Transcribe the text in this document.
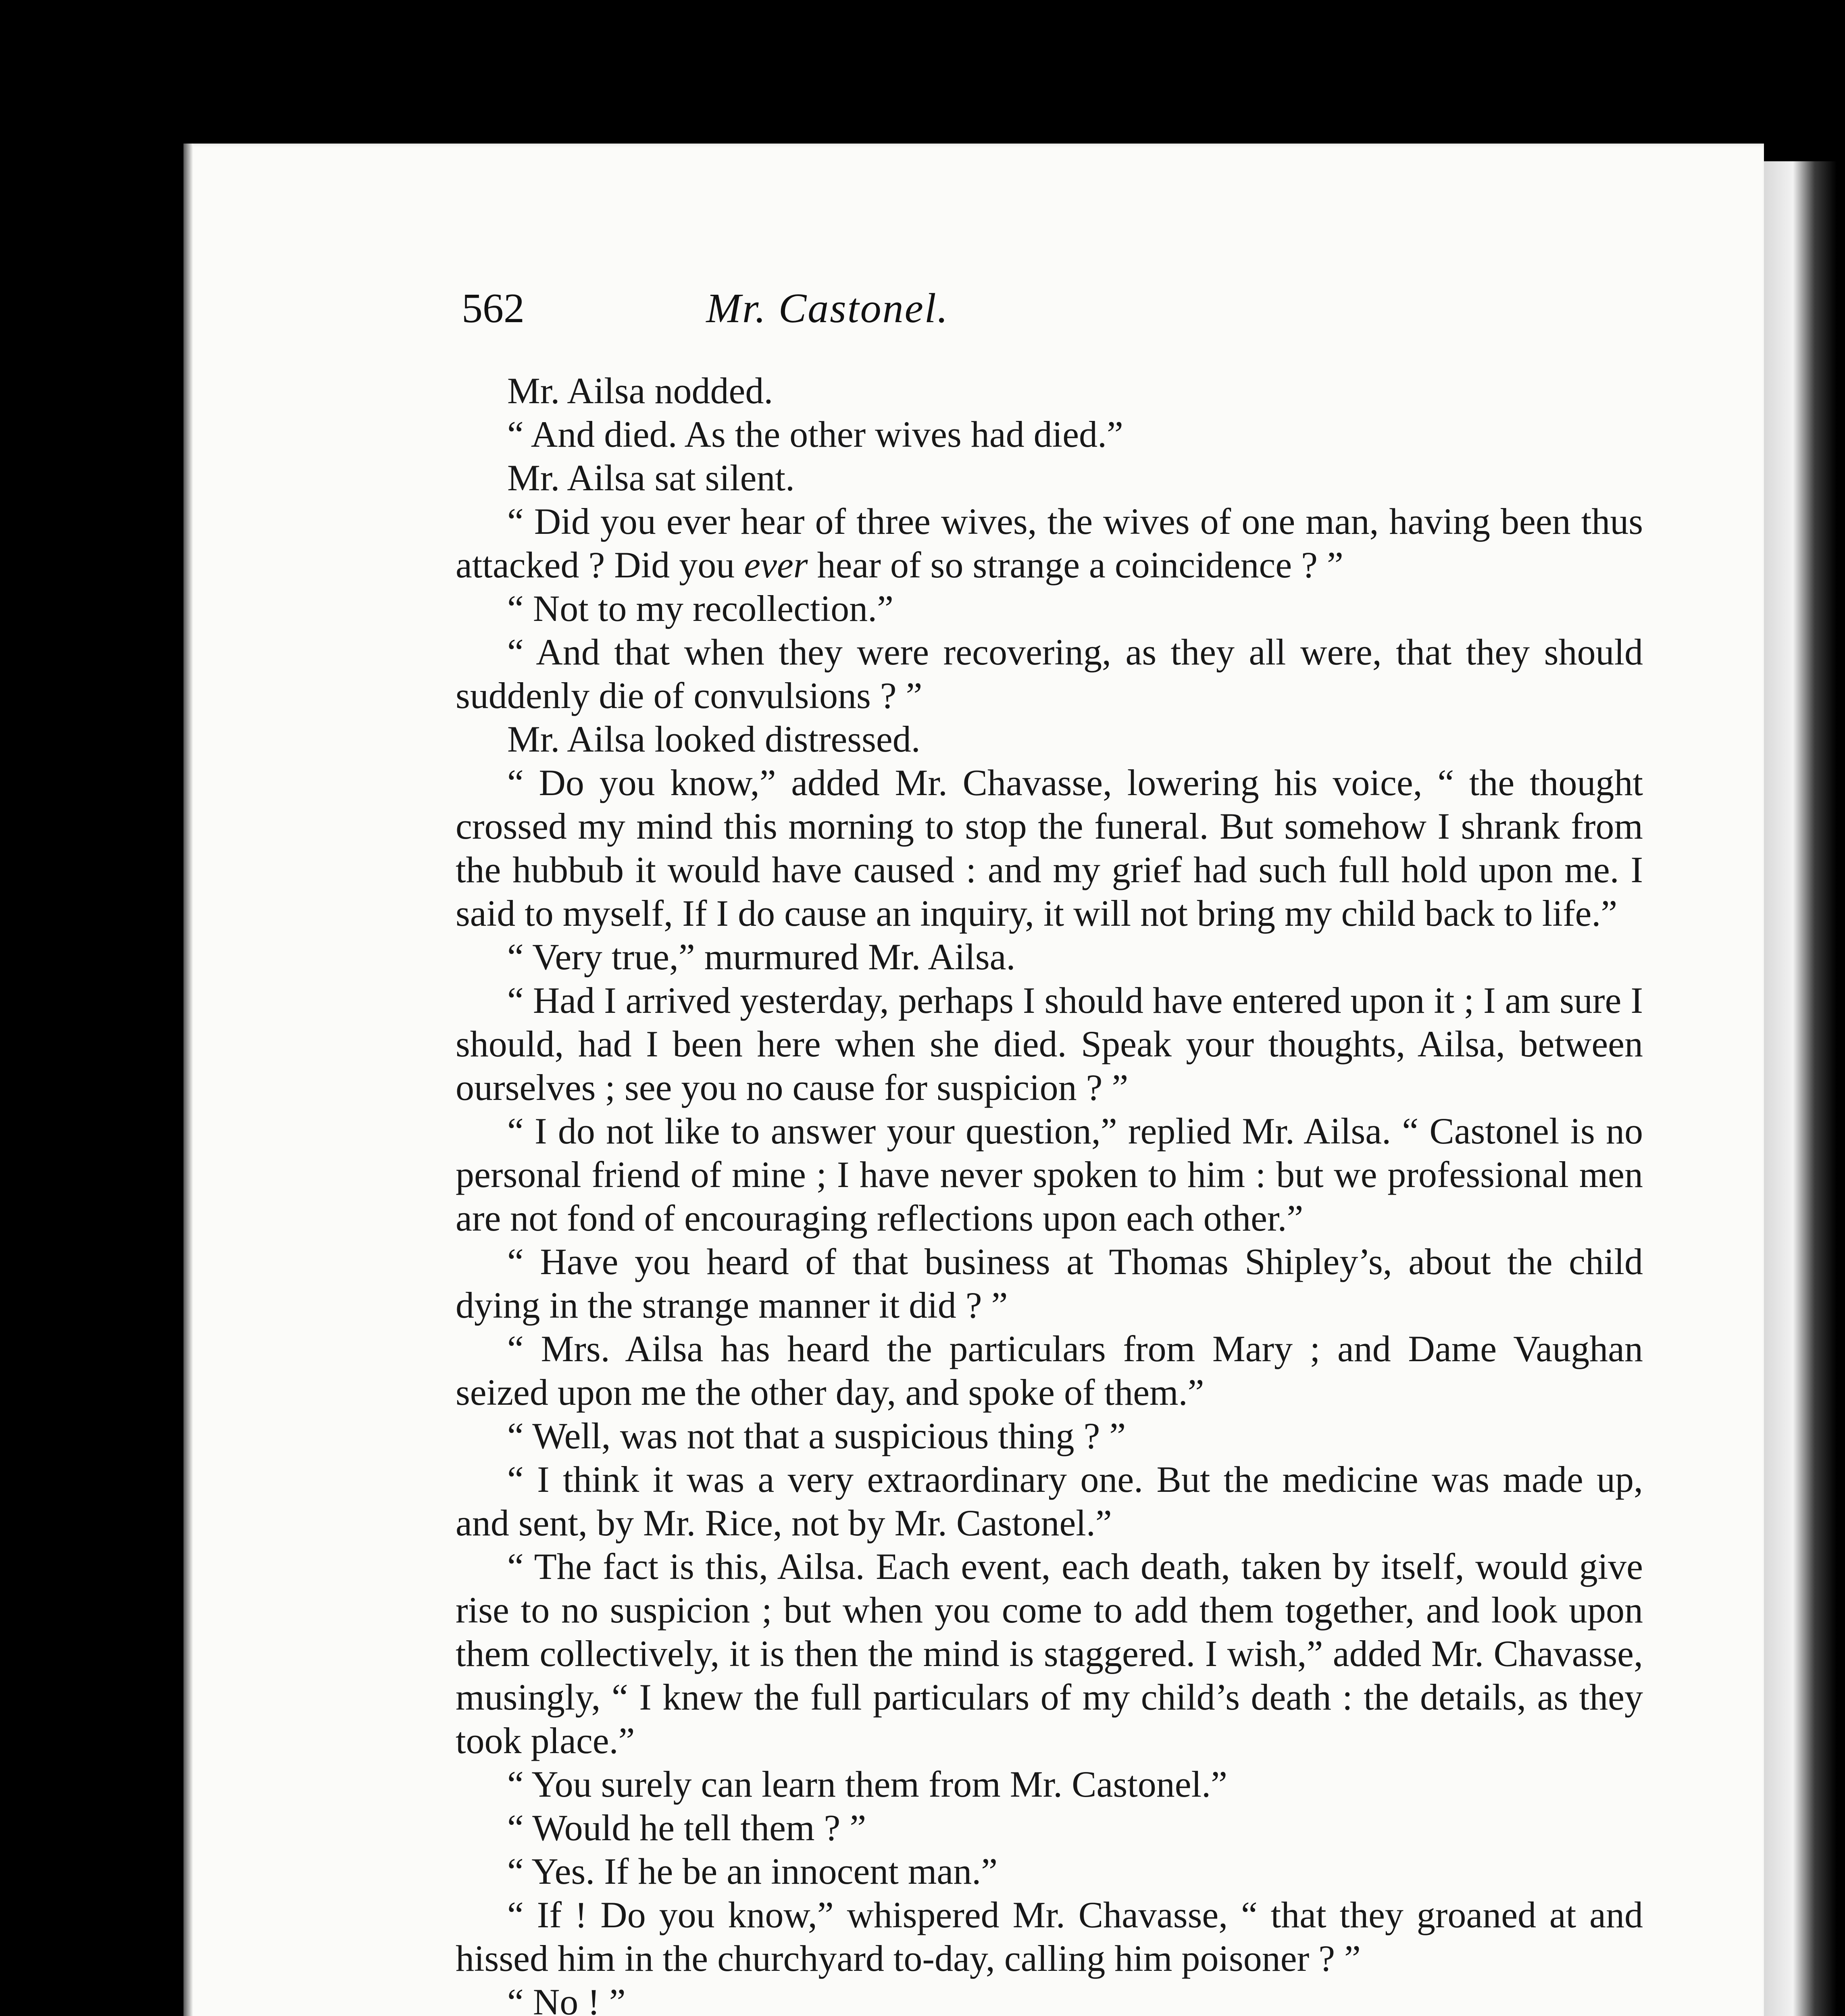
562	Mr. Castonel.

Mr. Ailsa nodded.

“ And died. As the other wives had died.”

Mr. Ailsa sat silent.

“ Did you ever hear of three wives, the wives of one man, having been thus attacked ? Did you ever hear of so strange a coincidence ? ”

“ Not to my recollection.”

“ And that when they were recovering, as they all were, that they should suddenly die of convulsions ? ”

Mr. Ailsa looked distressed.

“ Do you know,” added Mr. Chavasse, lowering his voice, “ the thought crossed my mind this morning to stop the funeral. But somehow I shrank from the hubbub it would have caused : and my grief had such full hold upon me. I said to myself, If I do cause an inquiry, it will not bring my child back to life.”

“ Very true,” murmured Mr. Ailsa.

“ Had I arrived yesterday, perhaps I should have entered upon it ; I am sure I should, had I been here when she died. Speak your thoughts, Ailsa, between ourselves ; see you no cause for suspicion ? ”

“ I do not like to answer your question,” replied Mr. Ailsa. “ Castonel is no personal friend of mine ; I have never spoken to him : but we professional men are not fond of encouraging reflections upon each other.”

“ Have you heard of that business at Thomas Shipley’s, about the child dying in the strange manner it did ? ”

“ Mrs. Ailsa has heard the particulars from Mary ; and Dame Vaughan seized upon me the other day, and spoke of them.”

“ Well, was not that a suspicious thing ? ”

“ I think it was a very extraordinary one. But the medicine was made up, and sent, by Mr. Rice, not by Mr. Castonel.”

“ The fact is this, Ailsa. Each event, each death, taken by itself, would give rise to no suspicion ; but when you come to add them together, and look upon them collectively, it is then the mind is staggered. I wish,” added Mr. Chavasse, musingly, “ I knew the full particulars of my child’s death : the details, as they took place.”

“ You surely can learn them from Mr. Castonel.”

“ Would he tell them ? ”

“ Yes. If he be an innocent man.”

“ If ! Do you know,” whispered Mr. Chavasse, “ that they groaned at and hissed him in the churchyard to-day, calling him poisoner ? ”

“ No ! ”
